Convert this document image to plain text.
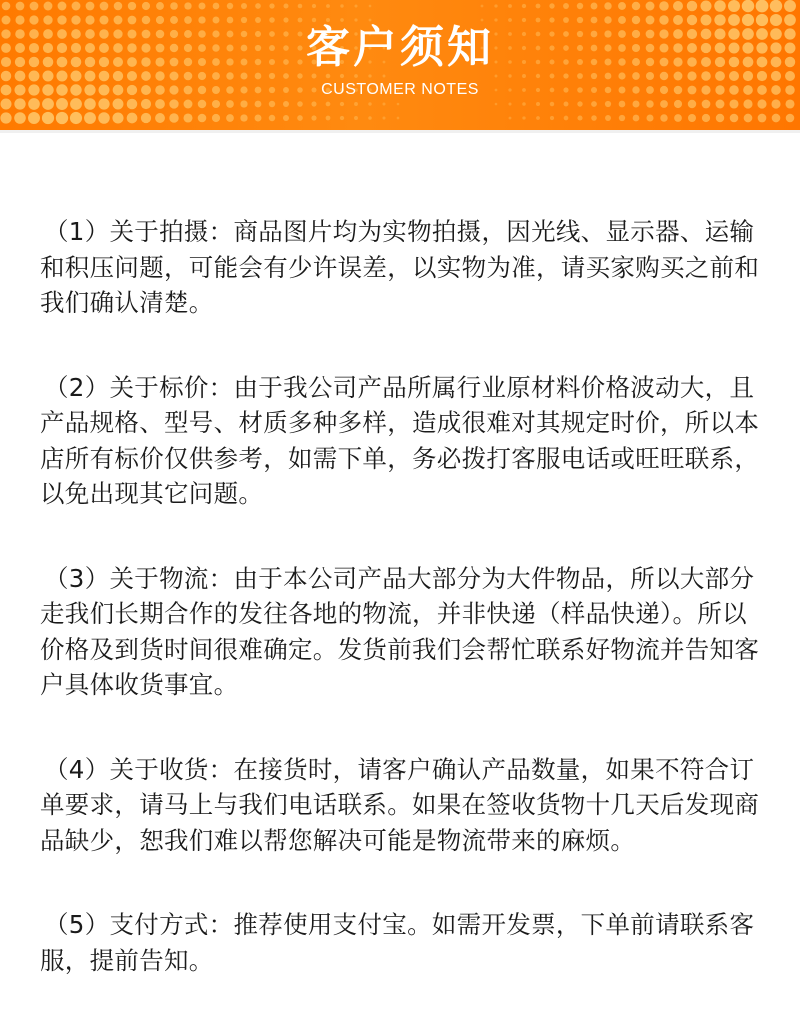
客户须知
CUSTOMER NOTES

（1）关于拍摄：商品图片均为实物拍摄，因光线、显示器、运输和积压问题，可能会有少许误差，以实物为准，请买家购买之前和我们确认清楚。

（2）关于标价：由于我公司产品所属行业原材料价格波动大，且产品规格、型号、材质多种多样，造成很难对其规定时价，所以本店所有标价仅供参考，如需下单，务必拨打客服电话或旺旺联系，以免出现其它问题。

（3）关于物流：由于本公司产品大部分为大件物品，所以大部分走我们长期合作的发往各地的物流，并非快递（样品快递）。所以价格及到货时间很难确定。发货前我们会帮忙联系好物流并告知客户具体收货事宜。

（4）关于收货：在接货时，请客户确认产品数量，如果不符合订单要求，请马上与我们电话联系。如果在签收货物十几天后发现商品缺少，恕我们难以帮您解决可能是物流带来的麻烦。

（5）支付方式：推荐使用支付宝。如需开发票，下单前请联系客服，提前告知。
